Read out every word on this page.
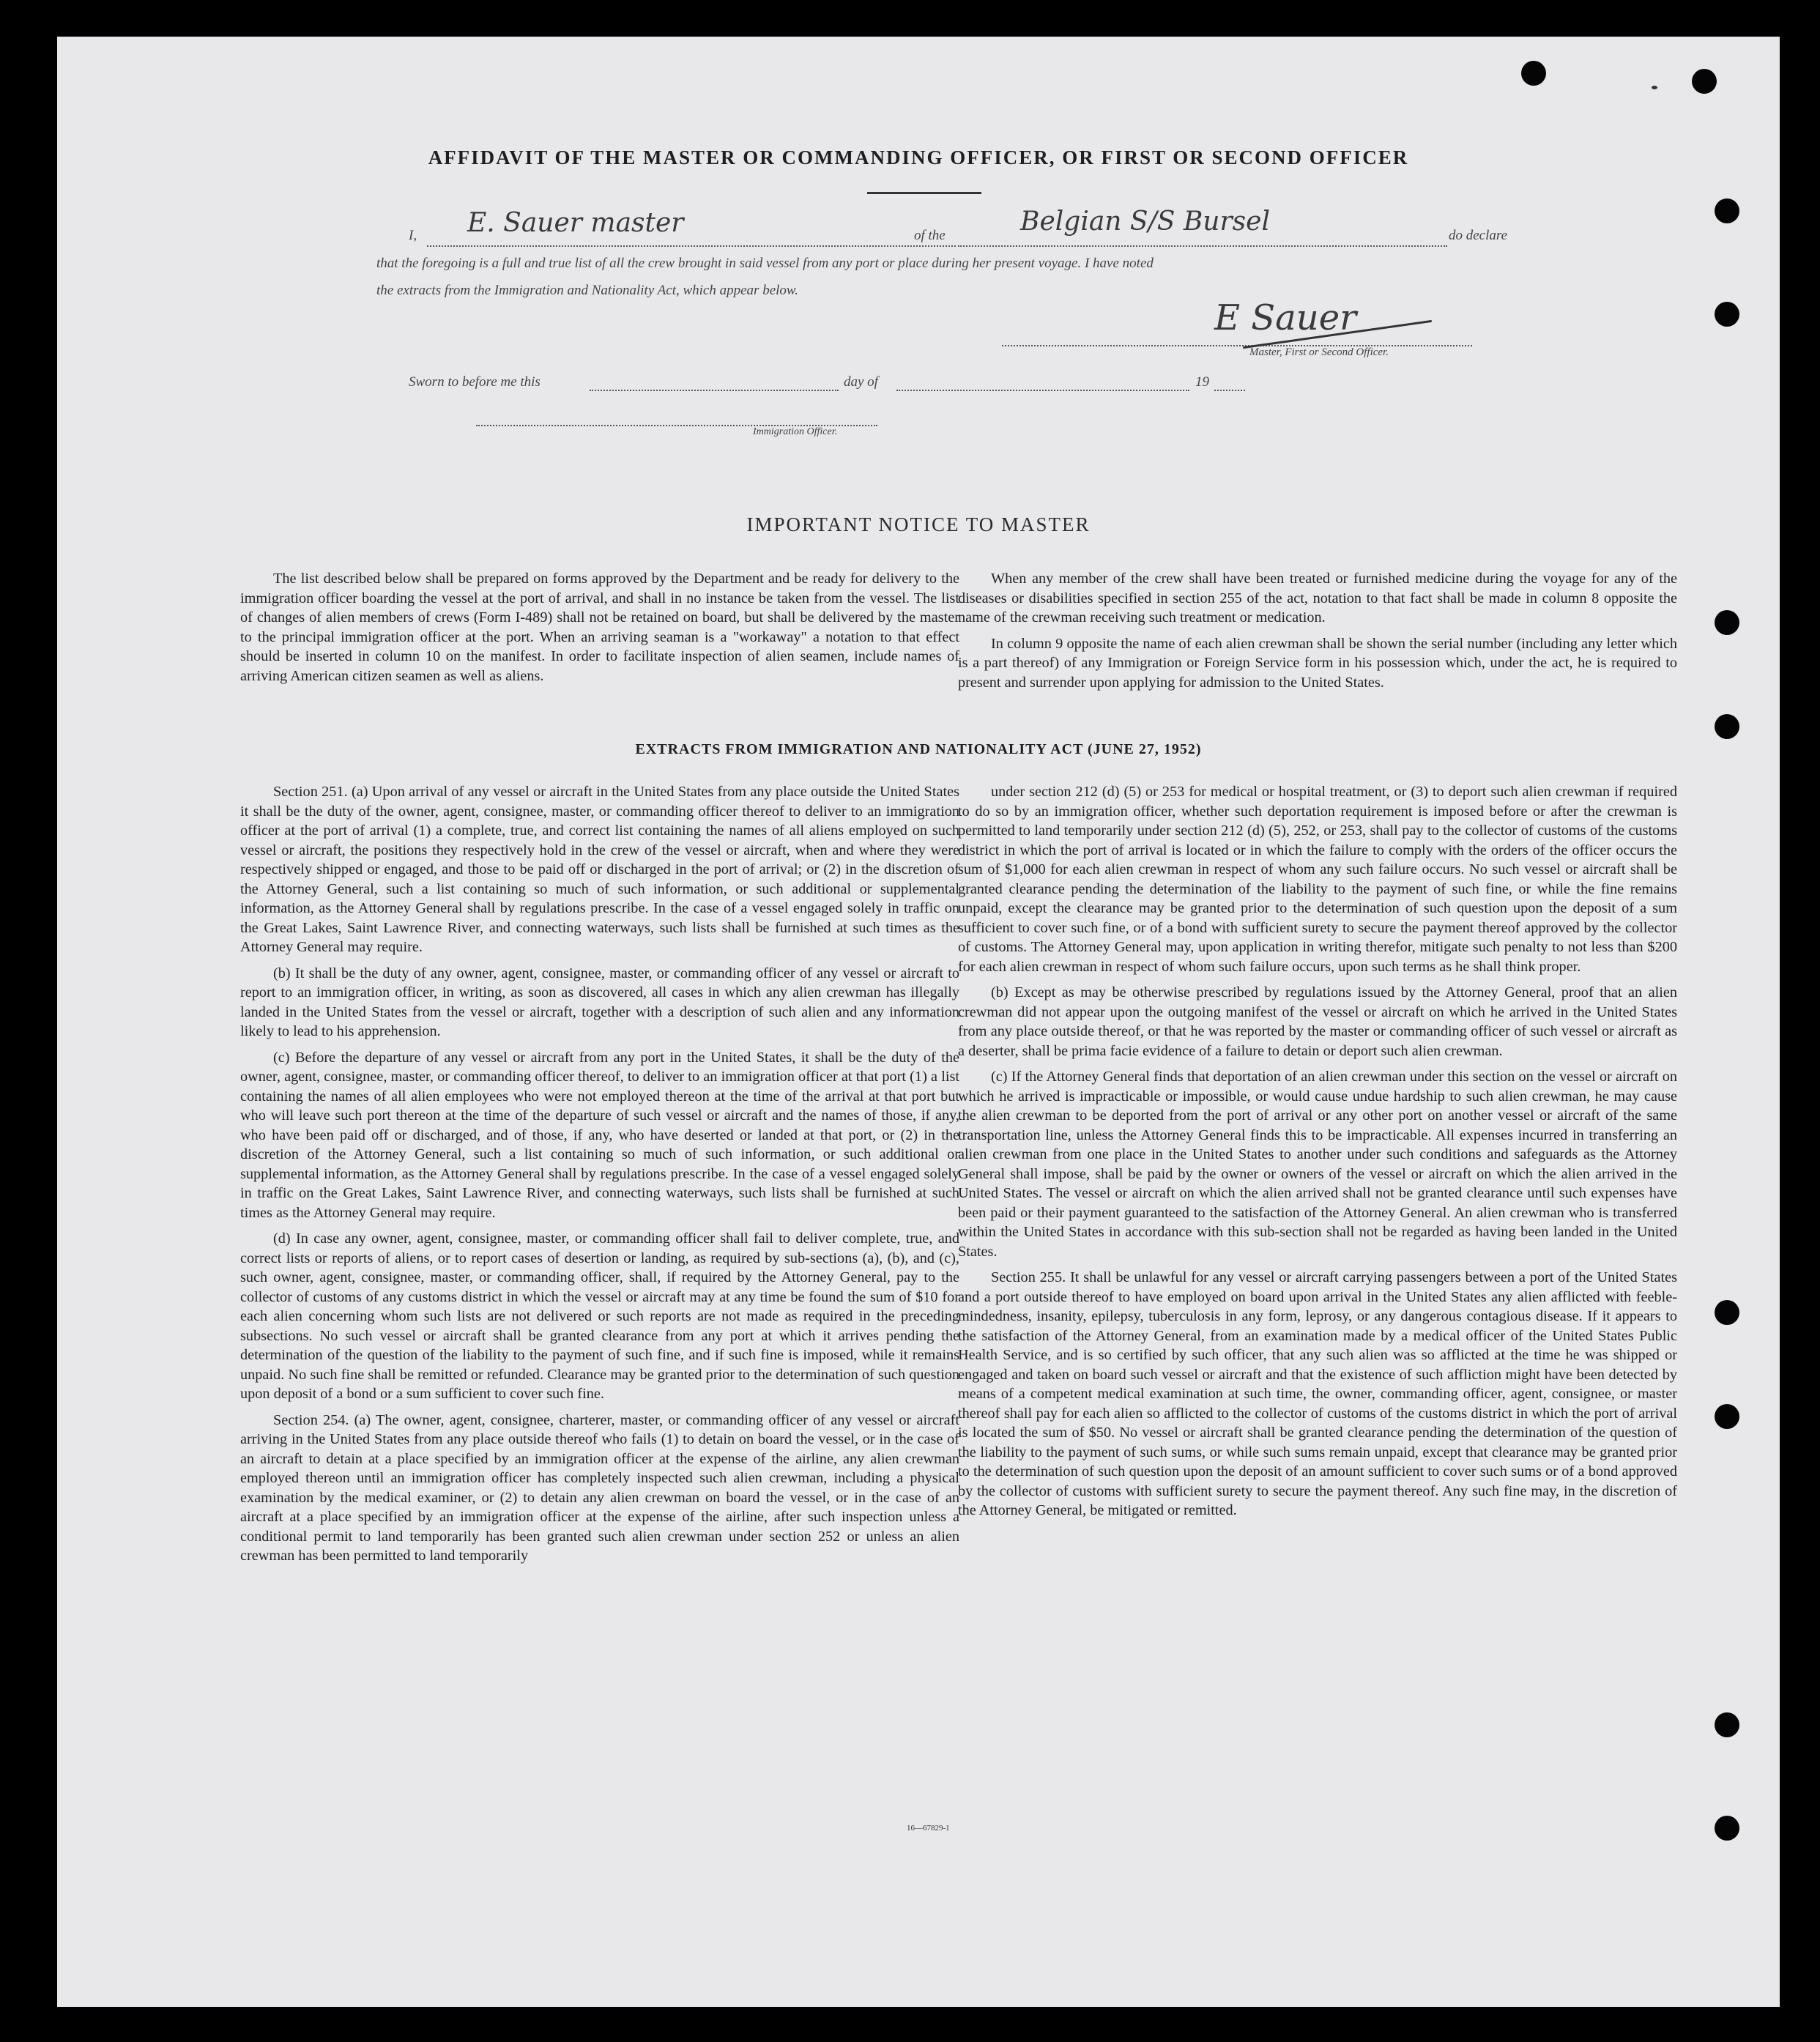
AFFIDAVIT OF THE MASTER OR COMMANDING OFFICER, OR FIRST OR SECOND OFFICER
I, E. Sauer master	of the	Belgian S/S Bursel	do declare
that the foregoing is a full and true list of all the crew brought in said vessel from any port or place during her present voyage. I have noted
the extracts from the Immigration and Nationality Act, which appear below.
E Sauer
Master, First or Second Officer.
Sworn to before me this	day of	19
Immigration Officer.
IMPORTANT NOTICE TO MASTER

The list described below shall be prepared on forms approved by the Department and be ready for delivery to the immigration officer boarding the vessel at the port of arrival, and shall in no instance be taken from the vessel. The list of changes of alien members of crews (Form I-489) shall not be retained on board, but shall be delivered by the master to the principal immigration officer at the port. When an arriving seaman is a "workaway" a notation to that effect should be inserted in column 10 on the manifest. In order to facilitate inspection of alien seamen, include names of arriving American citizen seamen as well as aliens.

When any member of the crew shall have been treated or furnished medicine during the voyage for any of the diseases or disabilities specified in section 255 of the act, notation to that fact shall be made in column 8 opposite the name of the crewman receiving such treatment or medication.

In column 9 opposite the name of each alien crewman shall be shown the serial number (including any letter which is a part thereof) of any Immigration or Foreign Service form in his possession which, under the act, he is required to present and surrender upon applying for admission to the United States.

EXTRACTS FROM IMMIGRATION AND NATIONALITY ACT (JUNE 27, 1952)

Section 251. (a) Upon arrival of any vessel or aircraft in the United States from any place outside the United States it shall be the duty of the owner, agent, consignee, master, or commanding officer thereof to deliver to an immigration officer at the port of arrival (1) a complete, true, and correct list containing the names of all aliens employed on such vessel or aircraft, the positions they respectively hold in the crew of the vessel or aircraft, when and where they were respectively shipped or engaged, and those to be paid off or discharged in the port of arrival; or (2) in the discretion of the Attorney General, such a list containing so much of such information, or such additional or supplemental information, as the Attorney General shall by regulations prescribe. In the case of a vessel engaged solely in traffic on the Great Lakes, Saint Lawrence River, and connecting waterways, such lists shall be furnished at such times as the Attorney General may require.

(b) It shall be the duty of any owner, agent, consignee, master, or commanding officer of any vessel or aircraft to report to an immigration officer, in writing, as soon as discovered, all cases in which any alien crewman has illegally landed in the United States from the vessel or aircraft, together with a description of such alien and any information likely to lead to his apprehension.

(c) Before the departure of any vessel or aircraft from any port in the United States, it shall be the duty of the owner, agent, consignee, master, or commanding officer thereof, to deliver to an immigration officer at that port (1) a list containing the names of all alien employees who were not employed thereon at the time of the arrival at that port but who will leave such port thereon at the time of the departure of such vessel or aircraft and the names of those, if any, who have been paid off or discharged, and of those, if any, who have deserted or landed at that port, or (2) in the discretion of the Attorney General, such a list containing so much of such information, or such additional or supplemental information, as the Attorney General shall by regulations prescribe. In the case of a vessel engaged solely in traffic on the Great Lakes, Saint Lawrence River, and connecting waterways, such lists shall be furnished at such times as the Attorney General may require.

(d) In case any owner, agent, consignee, master, or commanding officer shall fail to deliver complete, true, and correct lists or reports of aliens, or to report cases of desertion or landing, as required by sub-sections (a), (b), and (c), such owner, agent, consignee, master, or commanding officer, shall, if required by the Attorney General, pay to the collector of customs of any customs district in which the vessel or aircraft may at any time be found the sum of $10 for each alien concerning whom such lists are not delivered or such reports are not made as required in the preceding subsections. No such vessel or aircraft shall be granted clearance from any port at which it arrives pending the determination of the question of the liability to the payment of such fine, and if such fine is imposed, while it remains unpaid. No such fine shall be remitted or refunded. Clearance may be granted prior to the determination of such question upon deposit of a bond or a sum sufficient to cover such fine.

Section 254. (a) The owner, agent, consignee, charterer, master, or commanding officer of any vessel or aircraft arriving in the United States from any place outside thereof who fails (1) to detain on board the vessel, or in the case of an aircraft to detain at a place specified by an immigration officer at the expense of the airline, any alien crewman employed thereon until an immigration officer has completely inspected such alien crewman, including a physical examination by the medical examiner, or (2) to detain any alien crewman on board the vessel, or in the case of an aircraft at a place specified by an immigration officer at the expense of the airline, after such inspection unless a conditional permit to land temporarily has been granted such alien crewman under section 252 or unless an alien crewman has been permitted to land temporarily

under section 212 (d) (5) or 253 for medical or hospital treatment, or (3) to deport such alien crewman if required to do so by an immigration officer, whether such deportation requirement is imposed before or after the crewman is permitted to land temporarily under section 212 (d) (5), 252, or 253, shall pay to the collector of customs of the customs district in which the port of arrival is located or in which the failure to comply with the orders of the officer occurs the sum of $1,000 for each alien crewman in respect of whom any such failure occurs. No such vessel or aircraft shall be granted clearance pending the determination of the liability to the payment of such fine, or while the fine remains unpaid, except the clearance may be granted prior to the determination of such question upon the deposit of a sum sufficient to cover such fine, or of a bond with sufficient surety to secure the payment thereof approved by the collector of customs. The Attorney General may, upon application in writing therefor, mitigate such penalty to not less than $200 for each alien crewman in respect of whom such failure occurs, upon such terms as he shall think proper.

(b) Except as may be otherwise prescribed by regulations issued by the Attorney General, proof that an alien crewman did not appear upon the outgoing manifest of the vessel or aircraft on which he arrived in the United States from any place outside thereof, or that he was reported by the master or commanding officer of such vessel or aircraft as a deserter, shall be prima facie evidence of a failure to detain or deport such alien crewman.

(c) If the Attorney General finds that deportation of an alien crewman under this section on the vessel or aircraft on which he arrived is impracticable or impossible, or would cause undue hardship to such alien crewman, he may cause the alien crewman to be deported from the port of arrival or any other port on another vessel or aircraft of the same transportation line, unless the Attorney General finds this to be impracticable. All expenses incurred in transferring an alien crewman from one place in the United States to another under such conditions and safeguards as the Attorney General shall impose, shall be paid by the owner or owners of the vessel or aircraft on which the alien arrived in the United States. The vessel or aircraft on which the alien arrived shall not be granted clearance until such expenses have been paid or their payment guaranteed to the satisfaction of the Attorney General. An alien crewman who is transferred within the United States in accordance with this sub-section shall not be regarded as having been landed in the United States.

Section 255. It shall be unlawful for any vessel or aircraft carrying passengers between a port of the United States and a port outside thereof to have employed on board upon arrival in the United States any alien afflicted with feeble-mindedness, insanity, epilepsy, tuberculosis in any form, leprosy, or any dangerous contagious disease. If it appears to the satisfaction of the Attorney General, from an examination made by a medical officer of the United States Public Health Service, and is so certified by such officer, that any such alien was so afflicted at the time he was shipped or engaged and taken on board such vessel or aircraft and that the existence of such affliction might have been detected by means of a competent medical examination at such time, the owner, commanding officer, agent, consignee, or master thereof shall pay for each alien so afflicted to the collector of customs of the customs district in which the port of arrival is located the sum of $50. No vessel or aircraft shall be granted clearance pending the determination of the question of the liability to the payment of such sums, or while such sums remain unpaid, except that clearance may be granted prior to the determination of such question upon the deposit of an amount sufficient to cover such sums or of a bond approved by the collector of customs with sufficient surety to secure the payment thereof. Any such fine may, in the discretion of the Attorney General, be mitigated or remitted.

16—67829-1
